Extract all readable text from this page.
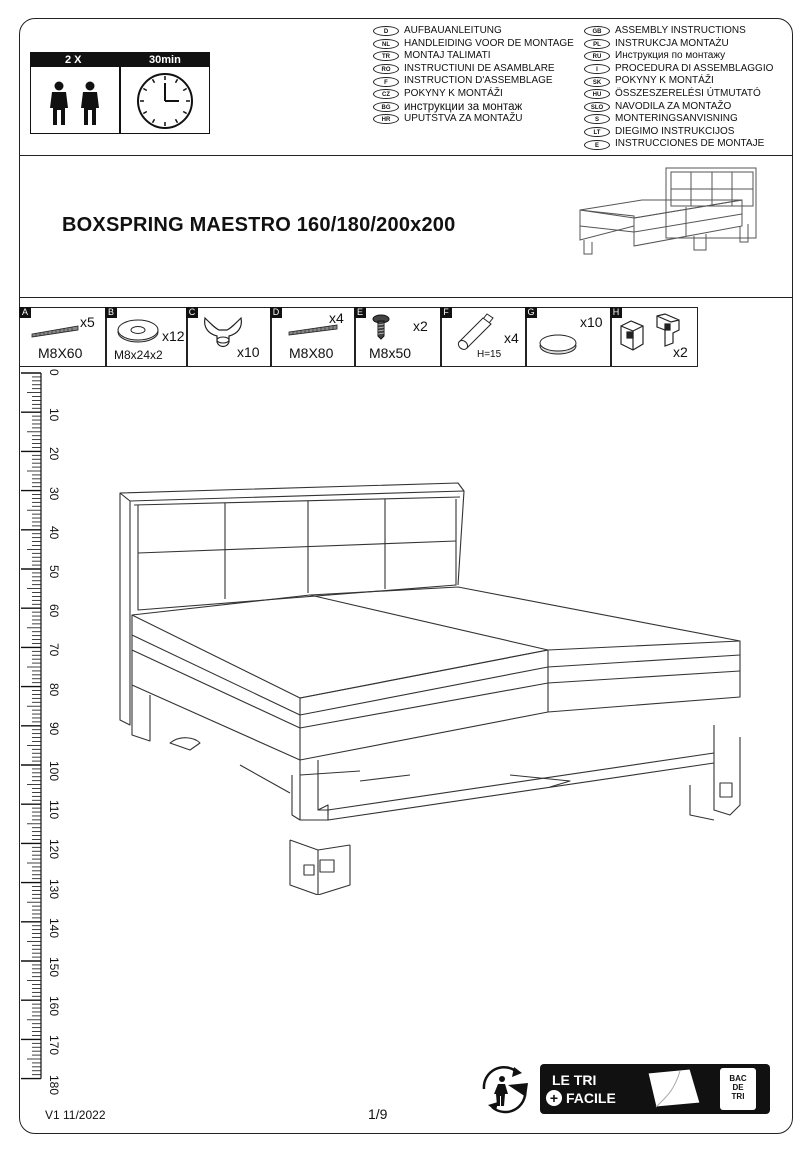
2 X	30min
D	AUFBAUANLEITUNG
NL	HANDLEIDING VOOR DE MONTAGE
TR	MONTAJ TALIMATI
RO	INSTRUCTIUNI DE ASAMBLARE
F	INSTRUCTION D'ASSEMBLAGE
CZ	POKYNY K MONTÁŽI
BG	инструкции за монтаж
HR	UPUTSTVA ZA MONTAŽU
GB	ASSEMBLY INSTRUCTIONS
PL	INSTRUKCJA MONTAŻU
RU	Инструкция по монтажу
I	PROCEDURA DI ASSEMBLAGGIO
SK	POKYNY K MONTÁŽI
HU	ÖSSZESZERELÉSI ÚTMUTATÓ
SLO	NAVODILA ZA MONTAŽO
S	MONTERINGSANVISNING
LT	DIEGIMO INSTRUKCIJOS
E	INSTRUCCIONES DE MONTAJE
BOXSPRING MAESTRO 160/180/200x200
A
x5
M8X60
B
x12
M8x24x2
C
x10
D	x4
M8X80
E
x2
M8x50
F
x4
H=15
G
x10
H
x2
0
10
20
30
40
50
60
70
80
90
100
110
120
130
140
150
160
170
180	LE TRI
+ FACILE
BAC
DE
TRI
V1 11/2022	1/9
